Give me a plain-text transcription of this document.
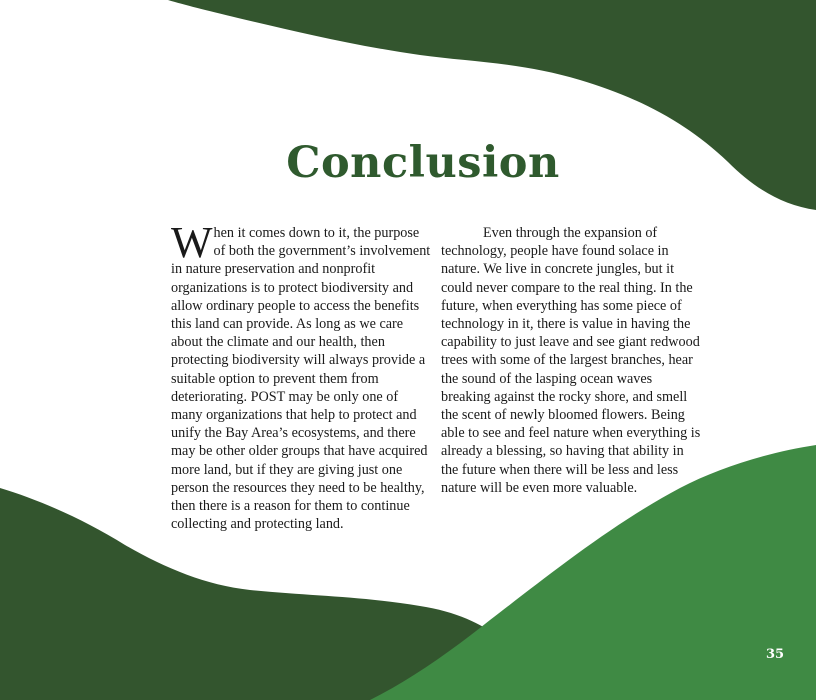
Conclusion
When it comes down to it, the purpose of both the government’s involvement in nature preservation and nonprofit organizations is to protect biodiversity and allow ordinary people to access the benefits this land can provide. As long as we care about the climate and our health, then protecting biodiversity will always provide a suitable option to prevent them from deteriorating. POST may be only one of many organizations that help to protect and unify the Bay Area’s ecosystems, and there may be other older groups that have acquired more land, but if they are giving just one person the resources they need to be healthy, then there is a reason for them to continue collecting and protecting land.
Even through the expansion of technology, people have found solace in nature. We live in concrete jungles, but it could never compare to the real thing. In the future, when everything has some piece of technology in it, there is value in having the capability to just leave and see giant redwood trees with some of the largest branches, hear the sound of the lasping ocean waves breaking against the rocky shore, and smell the scent of newly bloomed flowers. Being able to see and feel nature when everything is already a blessing, so having that ability in the future when there will be less and less nature will be even more valuable.
35
